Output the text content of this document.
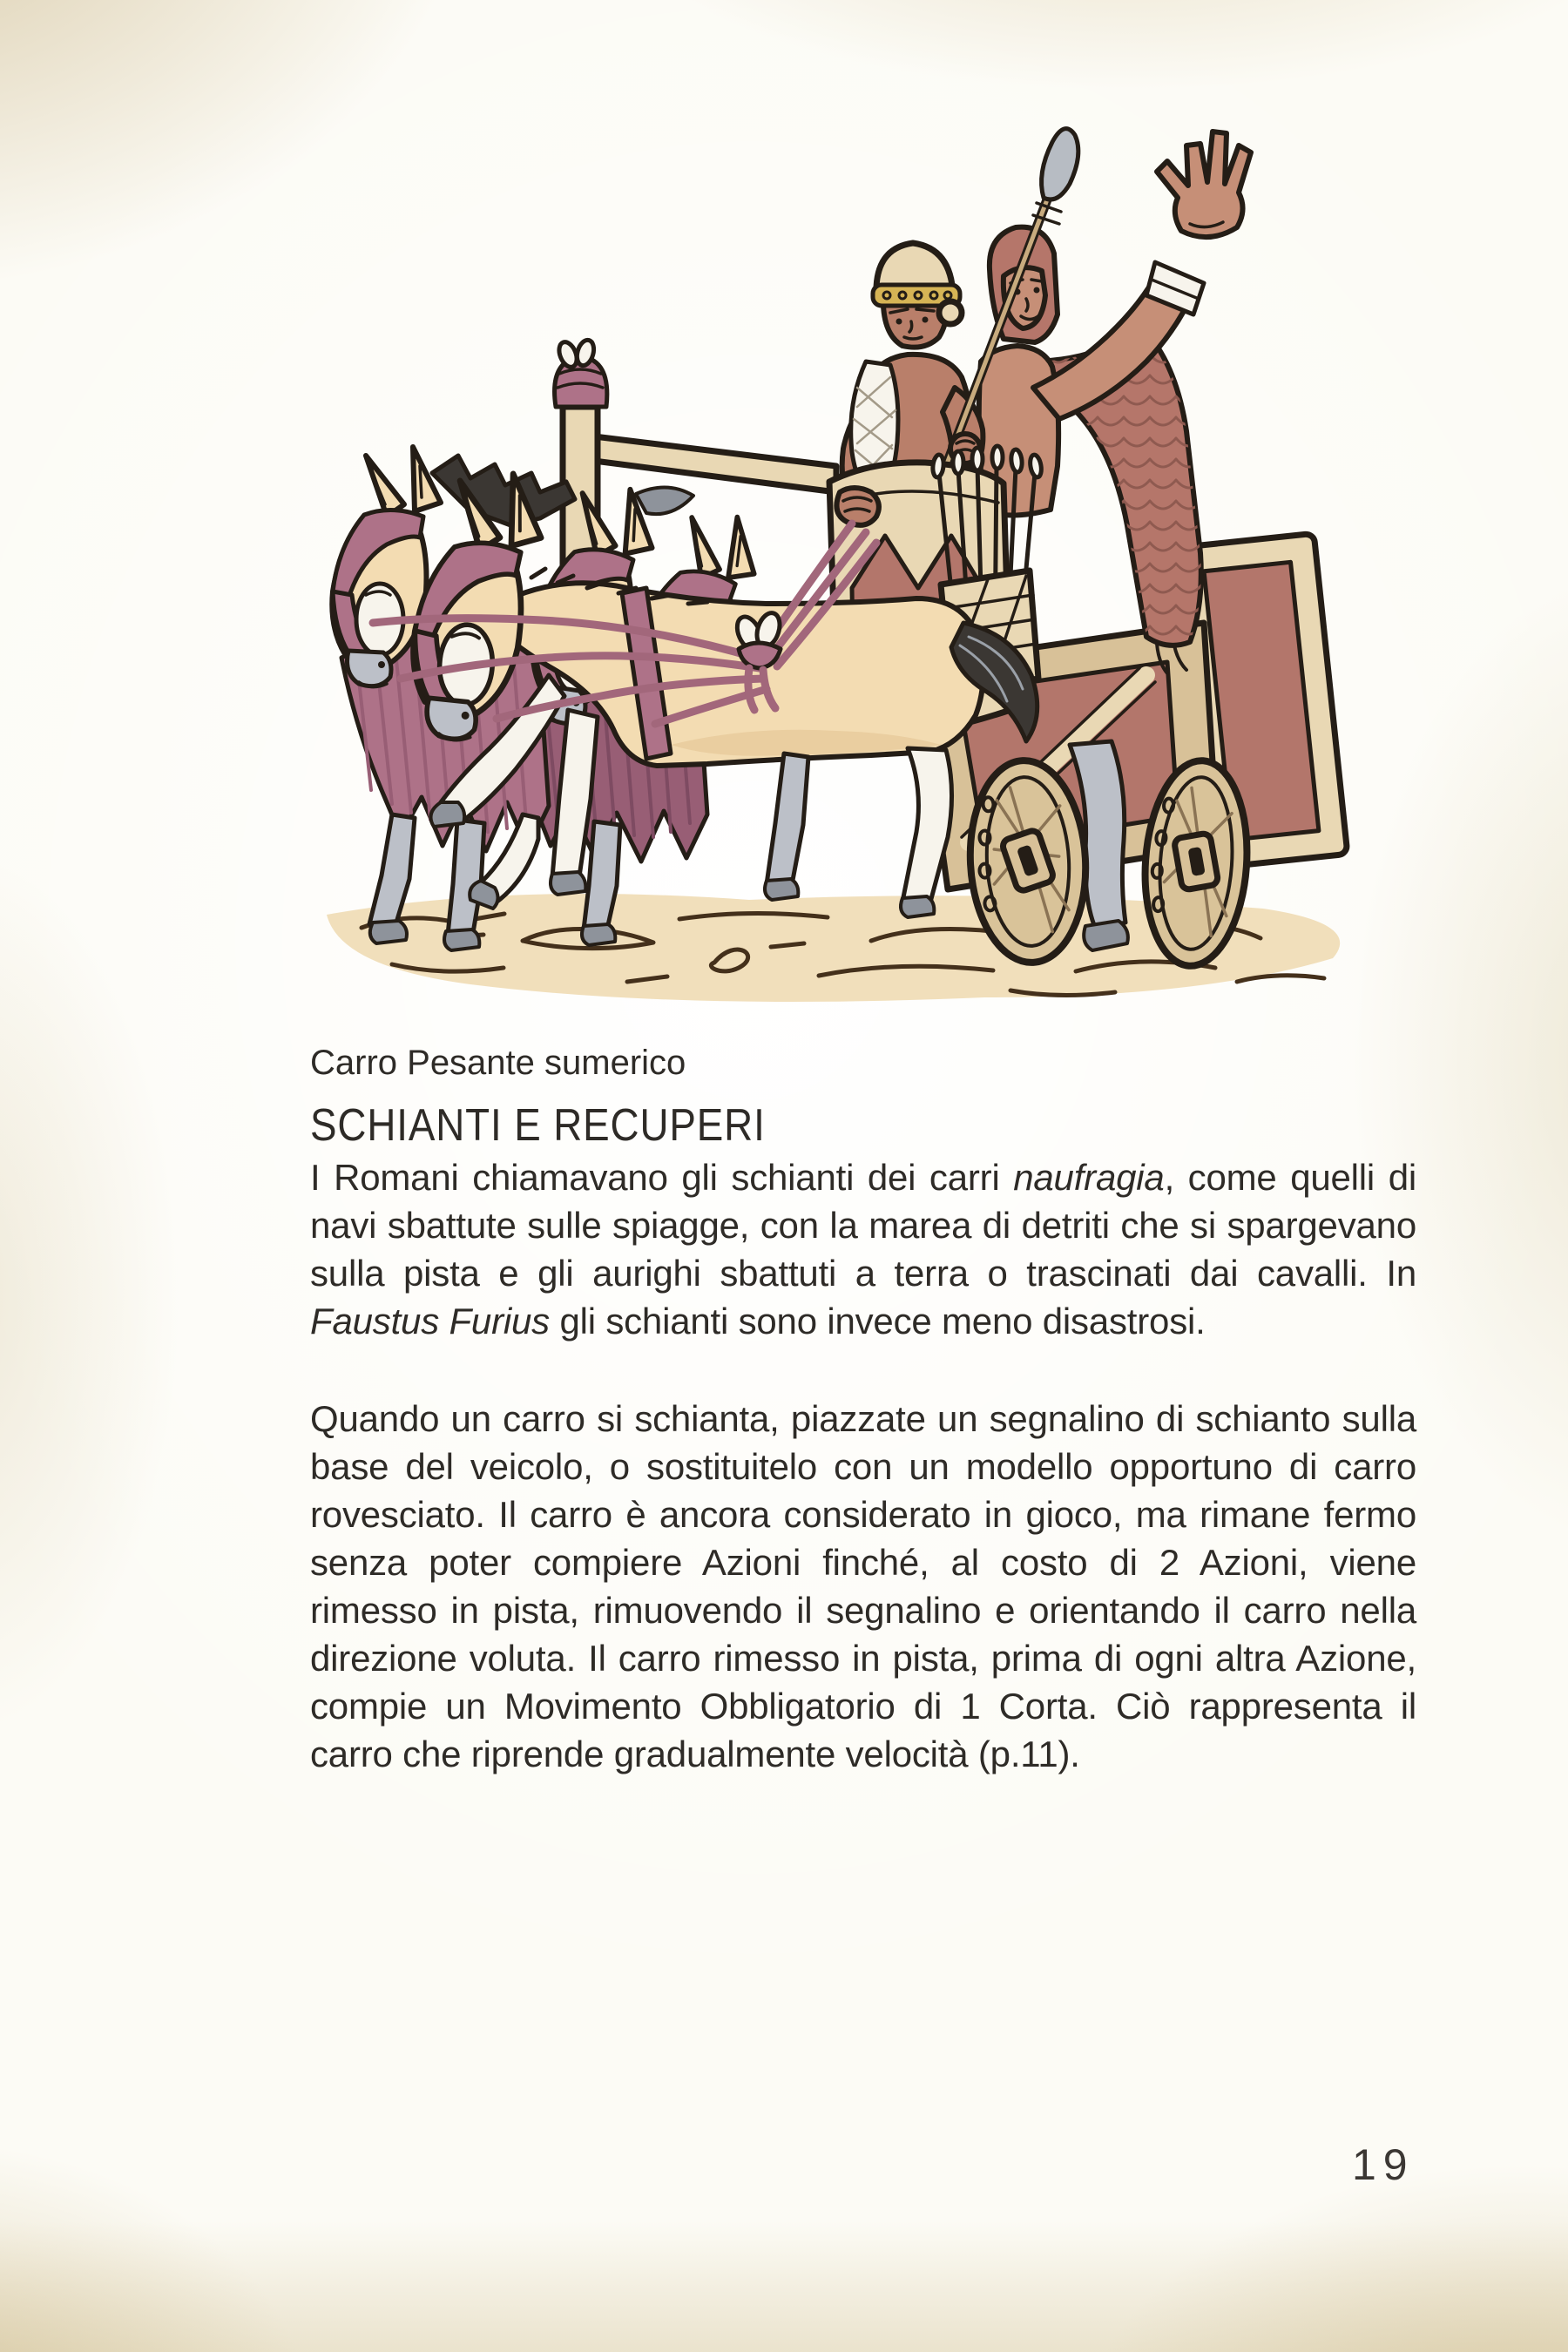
Carro Pesante sumerico
SCHIANTI E RECUPERI

I Romani chiamavano gli schianti dei carri naufragia, come quelli di navi sbattute sulle spiagge, con la marea di detriti che si spargevano sulla pista e gli aurighi sbattuti a terra o trascinati dai cavalli. In Faustus Furius gli schianti sono invece meno disastrosi.

Quando un carro si schianta, piazzate un segnalino di schianto sulla base del veicolo, o sostituitelo con un modello opportuno di carro rovesciato. Il carro è ancora considerato in gioco, ma rimane fermo senza poter compiere Azioni finché, al costo di 2 Azioni, viene rimesso in pista, rimuovendo il segnalino e orientando il carro nella direzione voluta. Il carro rimesso in pista, prima di ogni altra Azione, compie un Movimento Obbligatorio di 1 Corta. Ciò rappresenta il carro che riprende gradualmente velocità (p.11).

19
